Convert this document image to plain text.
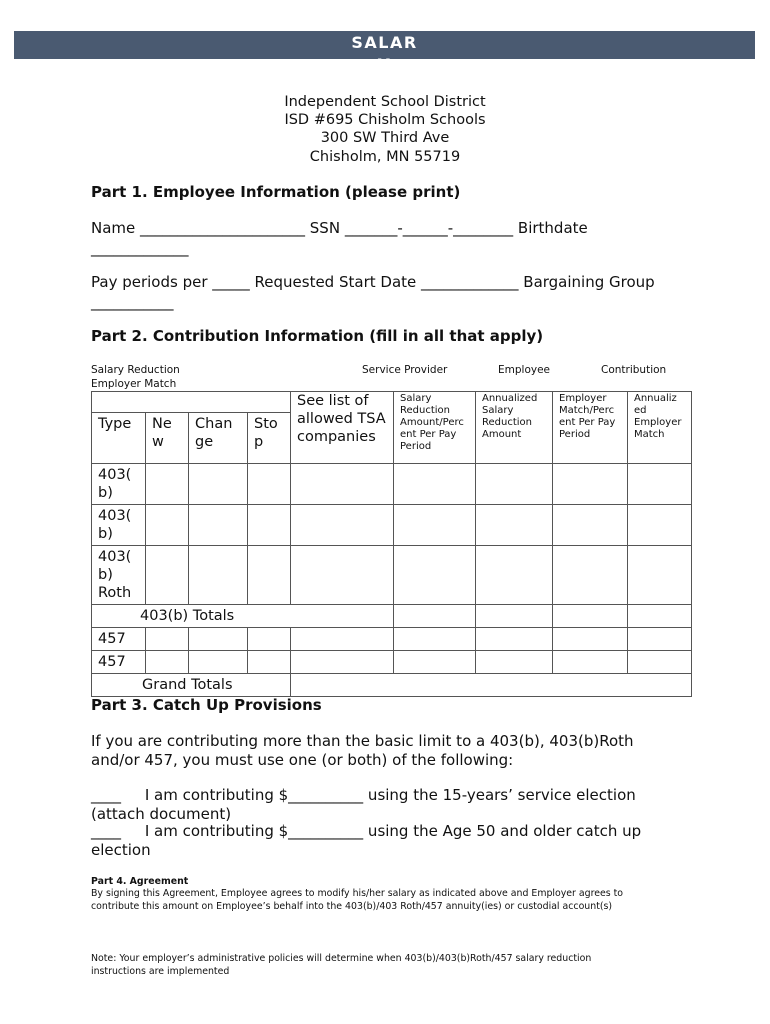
SALAR
Y
Independent School District
ISD #695 Chisholm Schools
300 SW Third Ave
Chisholm, MN 55719
Part 1. Employee Information (please print)
Name ______________________ SSN _______-______-________ Birthdate
_____________
Pay periods per _____ Requested Start Date _____________ Bargaining Group
___________
Part 2. Contribution Information (fill in all that apply)
Salary Reduction	Service Provider	Employee	Contribution
Employer Match
				See list of allowed TSA companies	Salary Reduction Amount/Perc ent Per Pay Period	Annualized Salary Reduction Amount	Employer Match/Perc ent Per Pay Period	Annualiz ed Employer Match
Type	Ne w	Chan ge	Sto p					
403( b)								
403( b)								
403( b) Roth								
403(b) Totals								
457								
457								
Grand Totals								
Part 3. Catch Up Provisions
If you are contributing more than the basic limit to a 403(b), 403(b)Roth
and/or 457, you must use one (or both) of the following:
____     I am contributing $__________ using the 15-years’ service election
(attach document)
____     I am contributing $__________ using the Age 50 and older catch up
election
Part 4. Agreement
By signing this Agreement, Employee agrees to modify his/her salary as indicated above and Employer agrees to
contribute this amount on Employee’s behalf into the 403(b)/403 Roth/457 annuity(ies) or custodial account(s)
Note: Your employer’s administrative policies will determine when 403(b)/403(b)Roth/457 salary reduction
instructions are implemented
